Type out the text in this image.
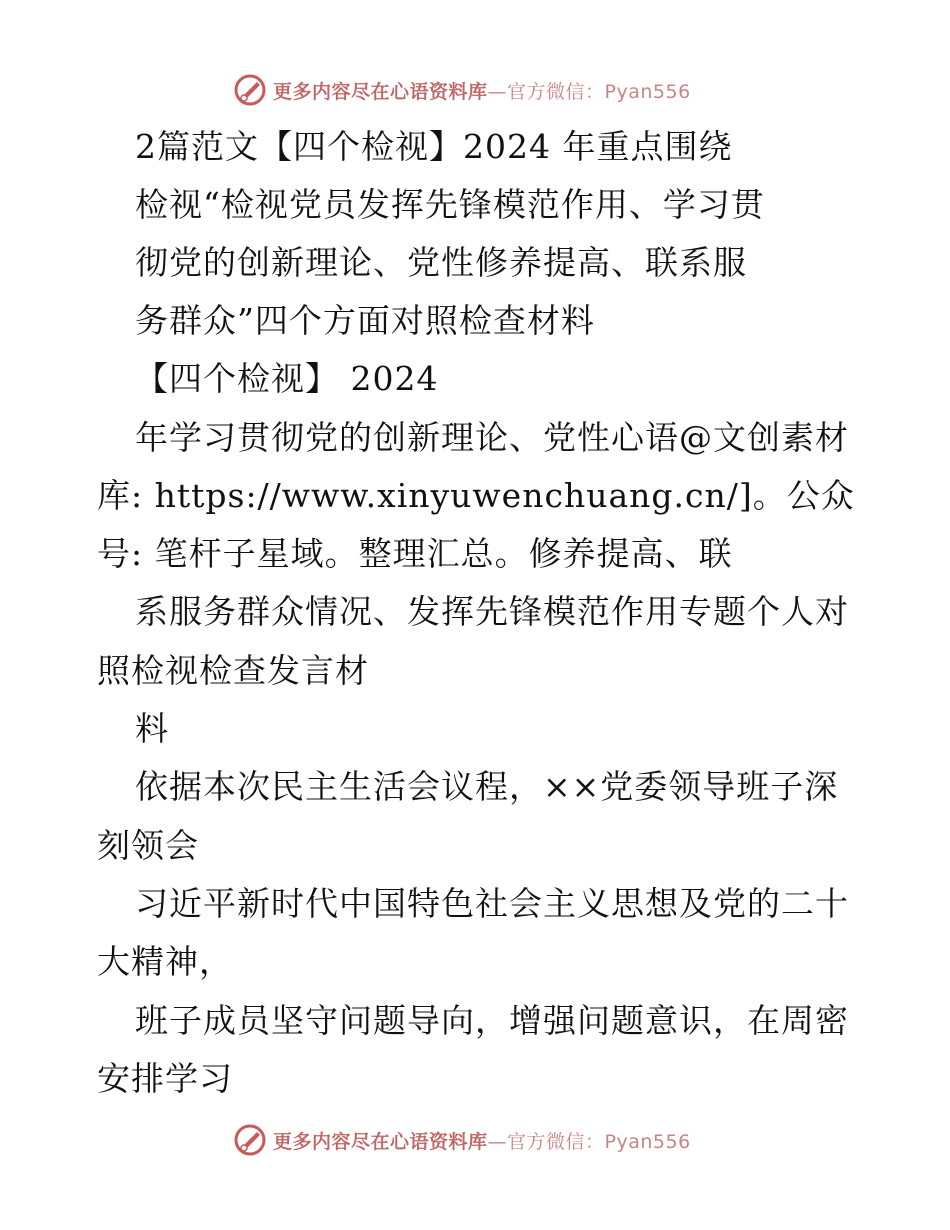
更多内容尽在心语资料库—官方微信：Pyan556
2篇范文【四个检视】2024 年重点围绕
检视“检视党员发挥先锋模范作用、学习贯
彻党的创新理论、党性修养提高、联系服
务群众”四个方面对照检查材料
【四个检视】 2024
年学习贯彻党的创新理论、党性心语@文创素材
库: https://www.xinyuwenchuang.cn/]。公众
号: 笔杆子星域。整理汇总。修养提高、联
系服务群众情况、发挥先锋模范作用专题个人对
照检视检查发言材
料
依据本次民主生活会议程，××党委领导班子深
刻领会
习近平新时代中国特色社会主义思想及党的二十
大精神，
班子成员坚守问题导向，增强问题意识，在周密
安排学习
更多内容尽在心语资料库—官方微信：Pyan556
